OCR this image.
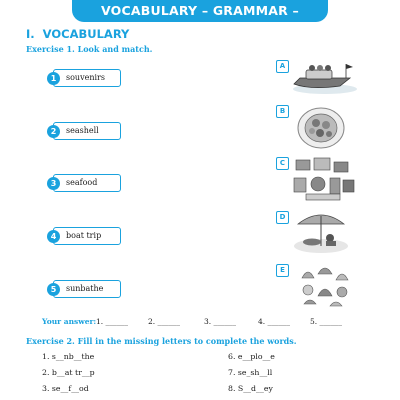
VOCABULARY – GRAMMAR – PHONICS
I. VOCABULARY
Exercise 1. Look and match.
1	souvenirs
2	seashell
3	seafood
4	boat trip
5	sunbathe
A
B
C
D
E
Your answer: 1. ______	2. ______	3. ______	4. ______	5. ______
Exercise 2. Fill in the missing letters to complete the words.
1. s__nb__the
2. b__at tr__p
3. se__f__od
6. e__plo__e
7. se_sh__ll
8. S__d__ey
